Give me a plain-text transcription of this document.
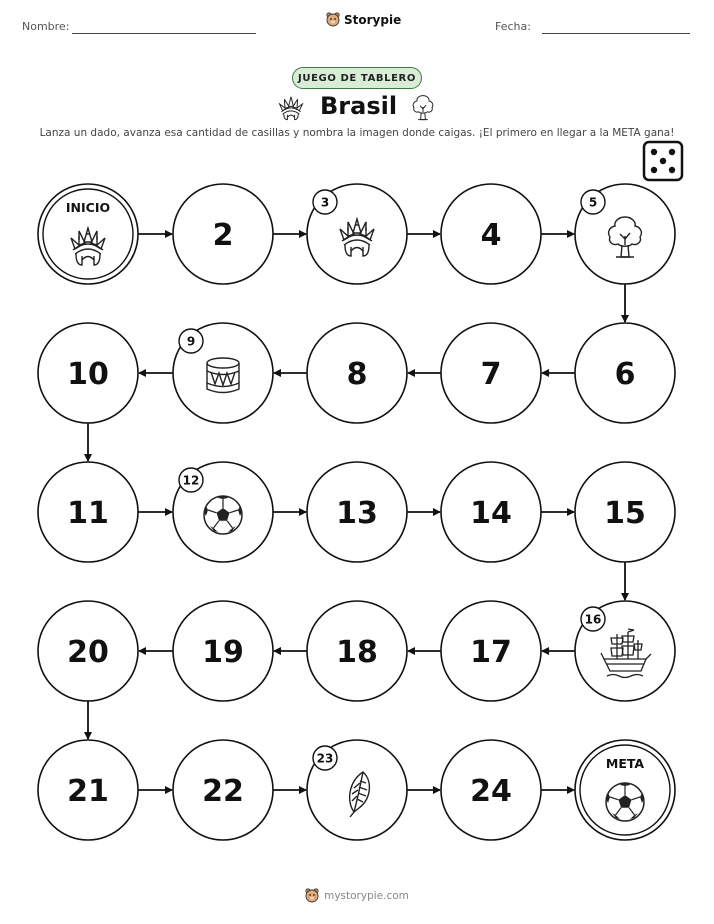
Nombre:	Storypie	Fecha:
JUEGO DE TABLERO
Brasil
Lanza un dado, avanza esa cantidad de casillas y nombra la imagen donde caigas. ¡El primero en llegar a la META gana!
INICIO
2
3
4
5
6
7
8
9
10
11
12
13	14	15
16
17
18
19
20
21	22
23
24
META
mystorypie.com
